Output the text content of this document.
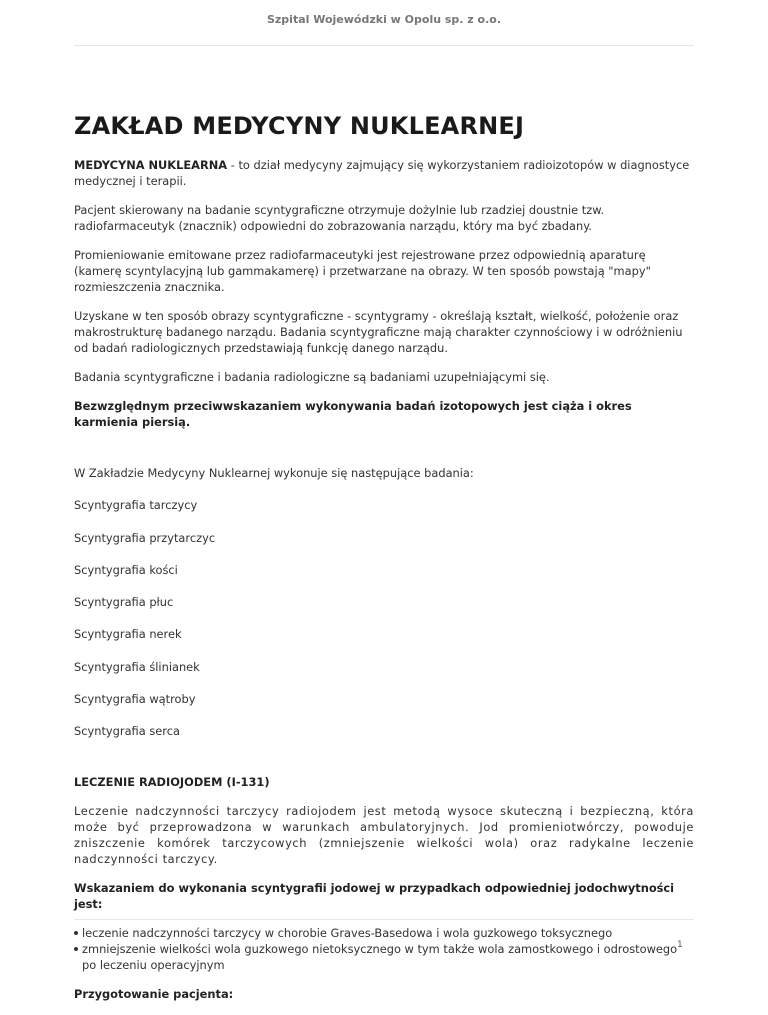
Szpital Wojewódzki w Opolu sp. z o.o.
ZAKŁAD MEDYCYNY NUKLEARNEJ

MEDYCYNA NUKLEARNA - to dział medycyny zajmujący się wykorzystaniem radioizotopów w diagnostyce medycznej i terapii.

Pacjent skierowany na badanie scyntygraficzne otrzymuje dożylnie lub rzadziej doustnie tzw. radiofarmaceutyk (znacznik) odpowiedni do zobrazowania narządu, który ma być zbadany.

Promieniowanie emitowane przez radiofarmaceutyki jest rejestrowane przez odpowiednią aparaturę (kamerę scyntylacyjną lub gammakamerę) i przetwarzane na obrazy. W ten sposób powstają "mapy" rozmieszczenia znacznika.

Uzyskane w ten sposób obrazy scyntygraficzne - scyntygramy - określają kształt, wielkość, położenie oraz makrostrukturę badanego narządu. Badania scyntygraficzne mają charakter czynnościowy i w odróżnieniu od badań radiologicznych przedstawiają funkcję danego narządu.

Badania scyntygraficzne i badania radiologiczne są badaniami uzupełniającymi się.

Bezwzględnym przeciwwskazaniem wykonywania badań izotopowych jest ciąża i okres karmienia piersią.

W Zakładzie Medycyny Nuklearnej wykonuje się następujące badania:

Scyntygrafia tarczycy

Scyntygrafia przytarczyc

Scyntygrafia kości

Scyntygrafia płuc

Scyntygrafia nerek

Scyntygrafia ślinianek

Scyntygrafia wątroby

Scyntygrafia serca

LECZENIE RADIOJODEM (I-131)

Leczenie nadczynności tarczycy radiojodem jest metodą wysoce skuteczną i bezpieczną, która może być przeprowadzona w warunkach ambulatoryjnych. Jod promieniotwórczy, powoduje zniszczenie komórek tarczycowych (zmniejszenie wielkości wola) oraz radykalne leczenie nadczynności tarczycy.

Wskazaniem do wykonania scyntygrafii jodowej w przypadkach odpowiedniej jodochwytności jest:

leczenie nadczynności tarczycy w chorobie Graves-Basedowa i wola guzkowego toksycznego
zmniejszenie wielkości wola guzkowego nietoksycznego w tym także wola zamostkowego i odrostowego po leczeniu operacyjnym

Przygotowanie pacjenta:

1
